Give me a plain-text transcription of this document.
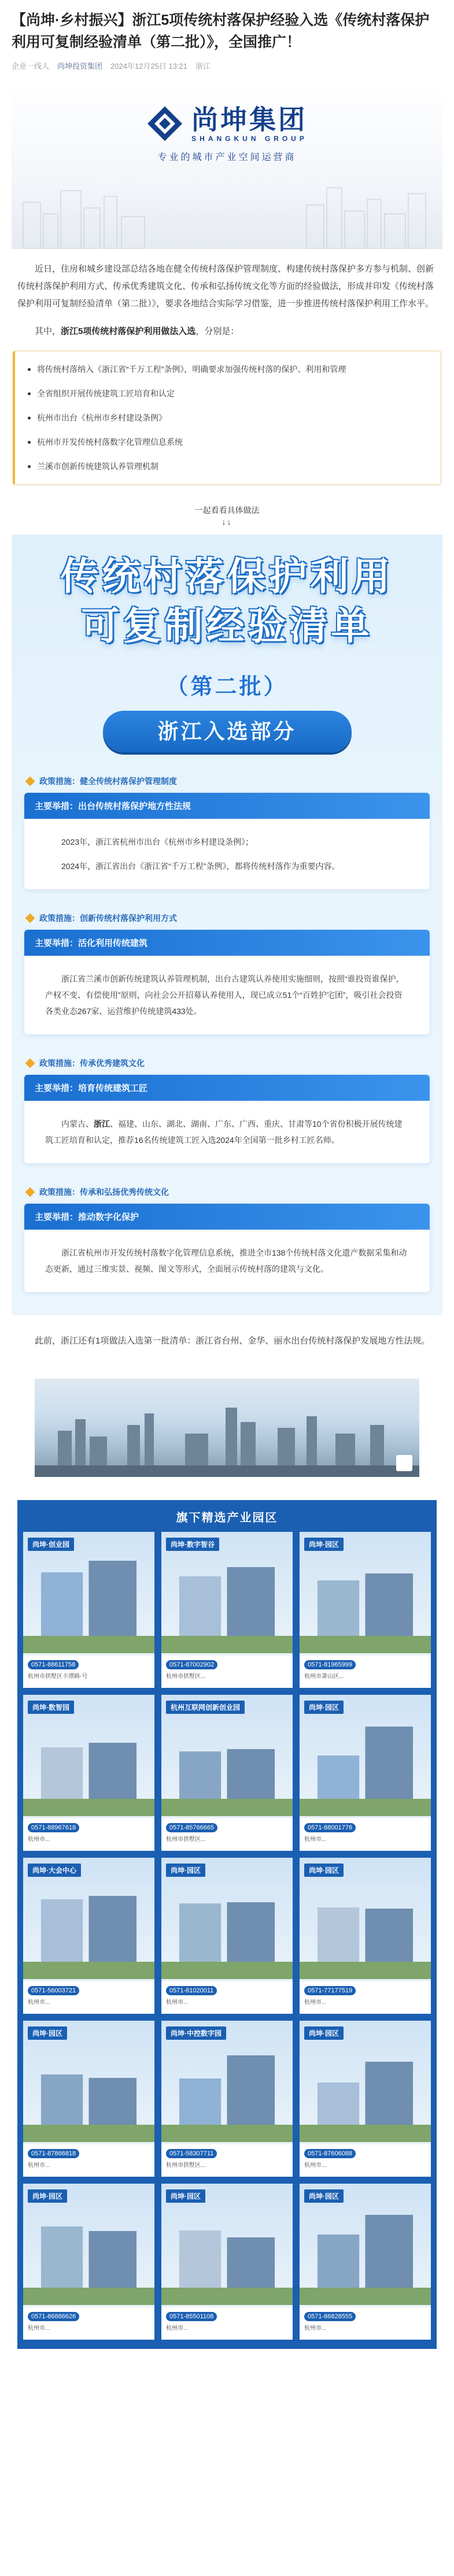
【尚坤·乡村振兴】浙江5项传统村落保护经验入选《传统村落保护利用可复制经验清单（第二批）》，全国推广！
企业一线人 尚坤投资集团 2024年12月25日 13:21 浙江
尚坤集团
SHANGKUN GROUP
专业的城市产业空间运营商

近日，住房和城乡建设部总结各地在健全传统村落保护管理制度、构建传统村落保护多方参与机制、创新传统村落保护利用方式、传承优秀建筑文化、传承和弘扬传统文化等方面的经验做法，形成并印发《传统村落保护利用可复制经验清单（第二批）》，要求各地结合实际学习借鉴，进一步推进传统村落保护利用工作水平。

其中，浙江5项传统村落保护利用做法入选，分别是：

将传统村落纳入《浙江省“千万工程”条例》，明确要求加强传统村落的保护、利用和管理
全省组织开展传统建筑工匠培育和认定
杭州市出台《杭州市乡村建设条例》
杭州市开发传统村落数字化管理信息系统
兰溪市创新传统建筑认养管理机制
一起看看具体做法
↓↓
传统村落保护利用
可复制经验清单
（第二批）
浙江入选部分
政策措施：健全传统村落保护管理制度
主要举措：出台传统村落保护地方性法规

2023年，浙江省杭州市出台《杭州市乡村建设条例》；

2024年，浙江省出台《浙江省“千万工程”条例》，都将传统村落作为重要内容。

政策措施：创新传统村落保护利用方式
主要举措：活化利用传统建筑

浙江省兰溪市创新传统建筑认养管理机制，出台古建筑认养使用实施细则，按照“谁投资谁保护，产权不变、有偿使用”原则，向社会公开招募认养使用人，现已成立51个“百姓护宅团”，吸引社会投资各类业态267家、运营维护传统建筑433处。

政策措施：传承优秀建筑文化
主要举措：培育传统建筑工匠

内蒙古、浙江、福建、山东、湖北、湖南、广东、广西、重庆、甘肃等10个省份积极开展传统建筑工匠培育和认定，推荐16名传统建筑工匠入选2024年全国第一批乡村工匠名师。

政策措施：传承和弘扬优秀传统文化
主要举措：推动数字化保护

浙江省杭州市开发传统村落数字化管理信息系统，推进全市138个传统村落文化遗产数据采集和动态更新，通过三维实景、视频、图文等形式，全面展示传统村落的建筑与文化。

此前，浙江还有1项做法入选第一批清单：浙江省台州、金华、丽水出台传统村落保护发展地方性法规。

旗下精选产业园区
尚坤·创业园
0571-88611758
杭州市拱墅区丰潭路-号
尚坤·数字智谷
0571-87002902
杭州市拱墅区...
尚坤·园区
0571-81965999
杭州市萧山区...
尚坤·数智园
0571-88967618
杭州市...
杭州互联网创新创业园
0571-85766665
杭州市拱墅区...
尚坤·园区
0571-88001776
杭州市...
尚坤·大会中心
0571-56003721
杭州市...
尚坤·园区
0571-81020011
杭州市...
尚坤·园区
0571-77177519
杭州市...
尚坤·园区
0571-87866818
杭州市...
尚坤·中控数字园
0571-58307711
杭州市拱墅区...
尚坤·园区
0571-87606088
杭州市...
尚坤·园区
0571-86886626
杭州市...
尚坤·园区
0571-85501108
杭州市...
尚坤·园区
0571-86828555
杭州市...
